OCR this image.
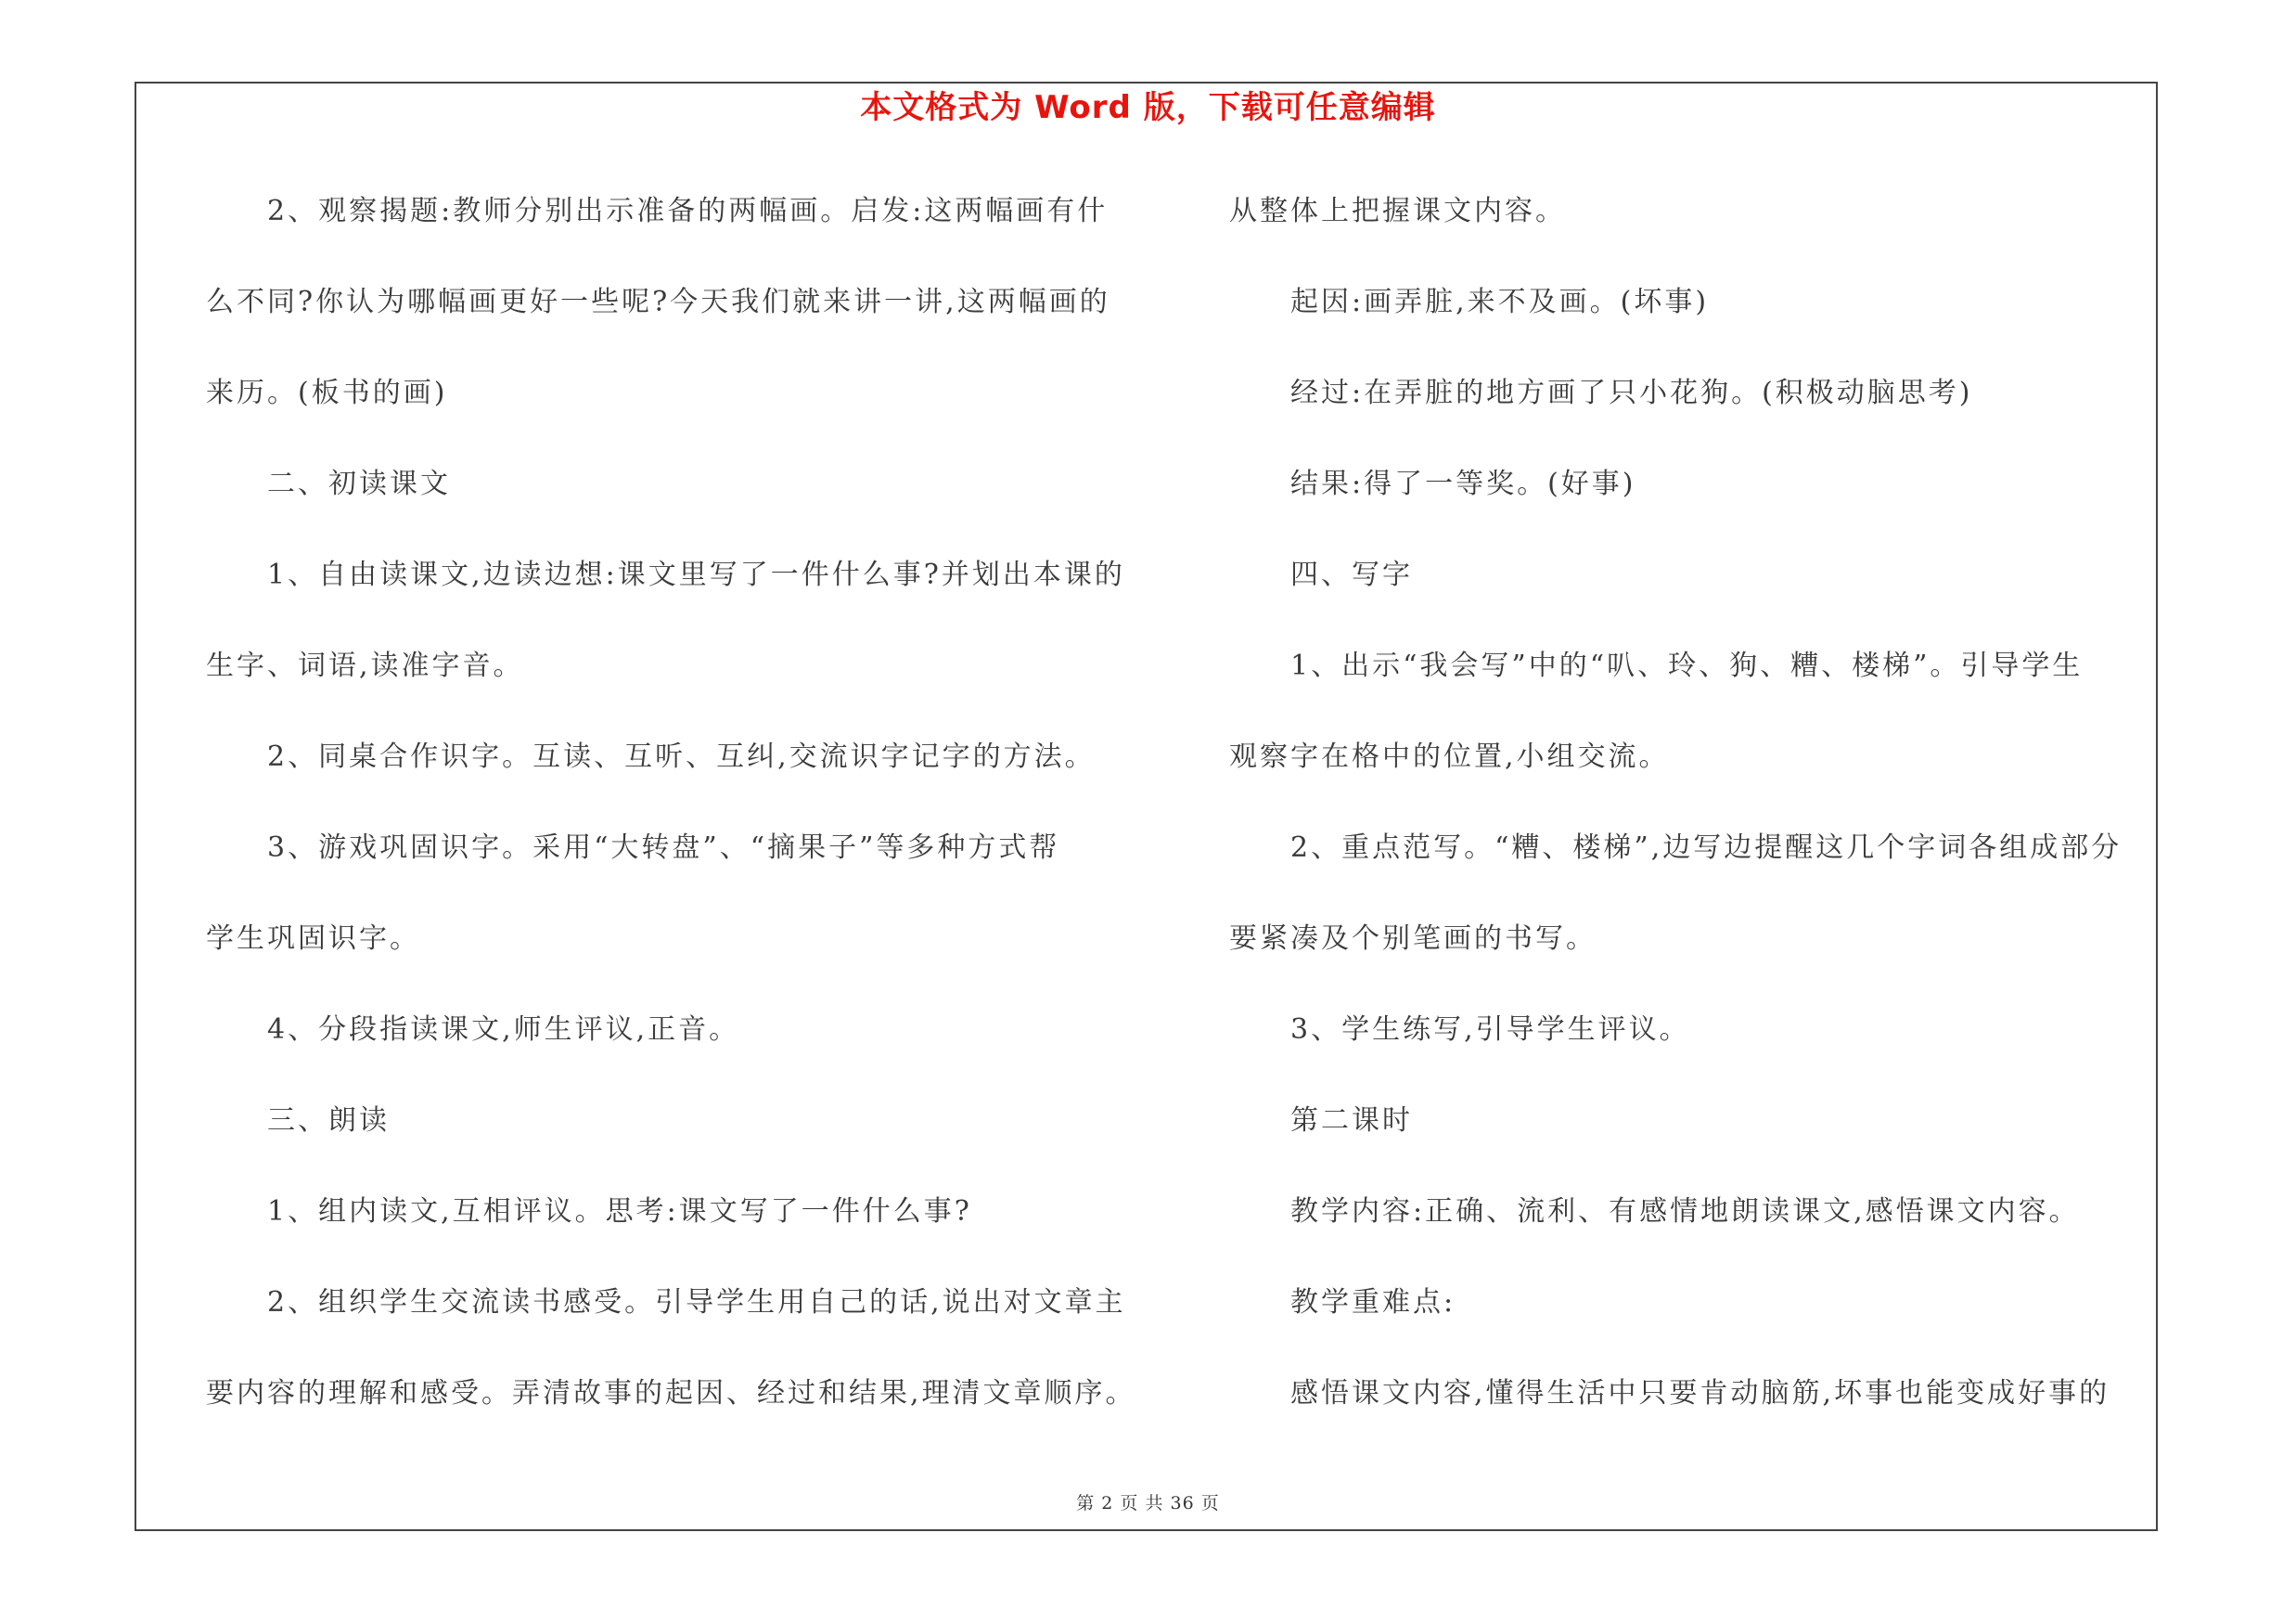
本文格式为 Word 版，下载可任意编辑
2、观察揭题:教师分别出示准备的两幅画。启发:这两幅画有什
么不同?你认为哪幅画更好一些呢?今天我们就来讲一讲,这两幅画的
来历。(板书的画)
二、初读课文
1、自由读课文,边读边想:课文里写了一件什么事?并划出本课的
生字、词语,读准字音。
2、同桌合作识字。互读、互听、互纠,交流识字记字的方法。
3、游戏巩固识字。采用“大转盘”、“摘果子”等多种方式帮
学生巩固识字。
4、分段指读课文,师生评议,正音。
三、朗读
1、组内读文,互相评议。思考:课文写了一件什么事?
2、组织学生交流读书感受。引导学生用自己的话,说出对文章主
要内容的理解和感受。弄清故事的起因、经过和结果,理清文章顺序。
从整体上把握课文内容。
起因:画弄脏,来不及画。(坏事)
经过:在弄脏的地方画了只小花狗。(积极动脑思考)
结果:得了一等奖。(好事)
四、写字
1、出示“我会写”中的“叭、玲、狗、糟、楼梯”。引导学生
观察字在格中的位置,小组交流。
2、重点范写。“糟、楼梯”,边写边提醒这几个字词各组成部分
要紧凑及个别笔画的书写。
3、学生练写,引导学生评议。
第二课时
教学内容:正确、流利、有感情地朗读课文,感悟课文内容。
教学重难点:
感悟课文内容,懂得生活中只要肯动脑筋,坏事也能变成好事的
第 2 页 共 36 页
